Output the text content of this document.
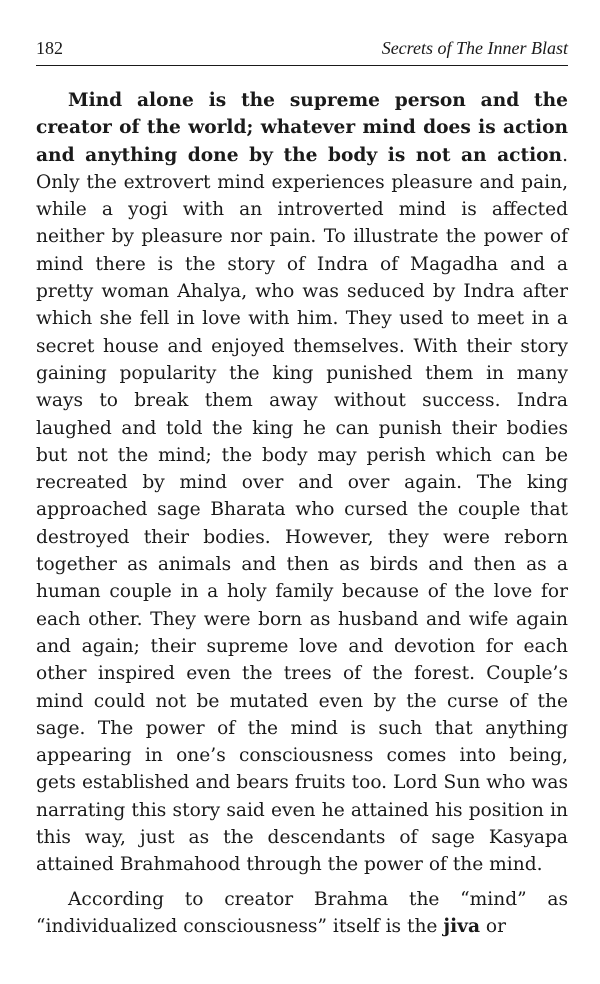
182	Secrets of The Inner Blast

Mind alone is the supreme person and the creator of the world; whatever mind does is action and anything done by the body is not an action. Only the extrovert mind experiences pleasure and pain, while a yogi with an introverted mind is affected neither by pleasure nor pain. To illustrate the power of mind there is the story of Indra of Magadha and a pretty woman Ahalya, who was seduced by Indra after which she fell in love with him. They used to meet in a secret house and enjoyed themselves. With their story gaining popularity the king punished them in many ways to break them away without success. Indra laughed and told the king he can punish their bodies but not the mind; the body may perish which can be recreated by mind over and over again. The king approached sage Bharata who cursed the couple that destroyed their bodies. However, they were reborn together as animals and then as birds and then as a human couple in a holy family because of the love for each other. They were born as husband and wife again and again; their supreme love and devotion for each other inspired even the trees of the forest. Couple’s mind could not be mutated even by the curse of the sage. The power of the mind is such that anything appearing in one’s consciousness comes into being, gets established and bears fruits too. Lord Sun who was narrating this story said even he attained his position in this way, just as the descendants of sage Kasyapa attained Brahmahood through the power of the mind.

According to creator Brahma the “mind” as “individualized consciousness” itself is the jiva or
